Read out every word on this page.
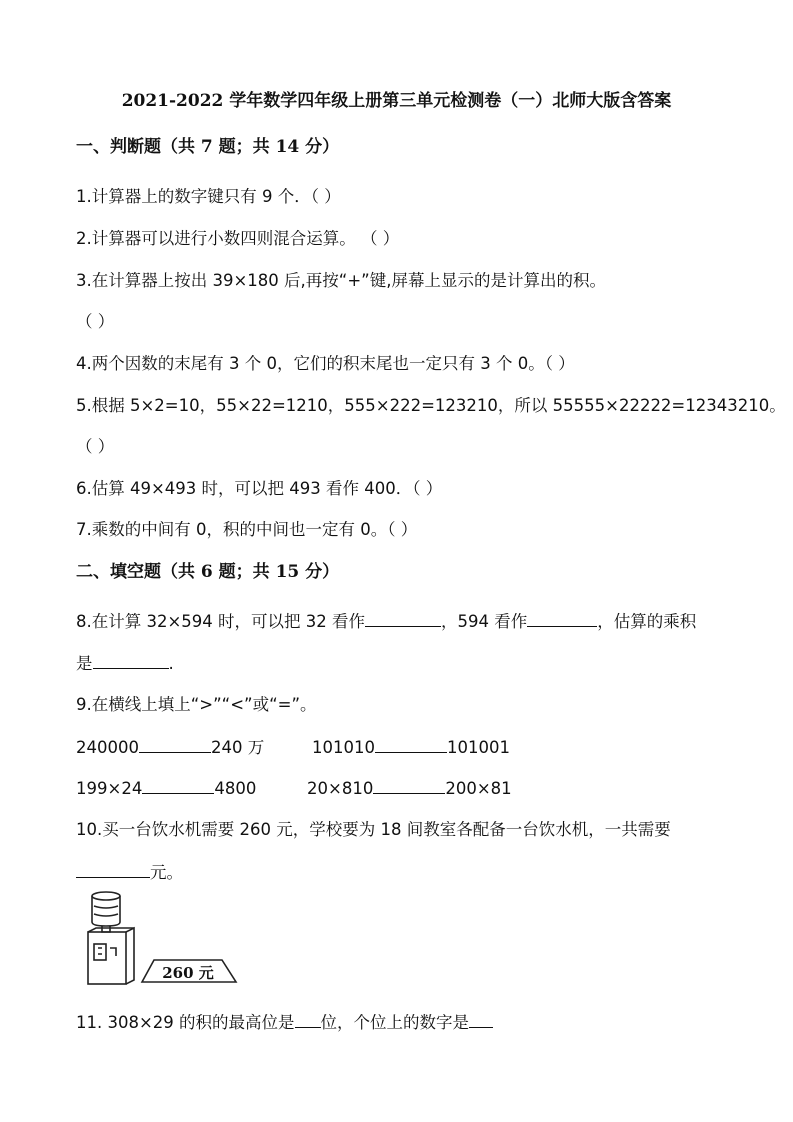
2021-2022 学年数学四年级上册第三单元检测卷（一）北师大版含答案
一、判断题（共 7 题；共 14 分）
1.计算器上的数字键只有 9 个．（ ）
2.计算器可以进行小数四则混合运算。 （ ）
3.在计算器上按出 39×180 后,再按“+”键,屏幕上显示的是计算出的积。
（ ）
4.两个因数的末尾有 3 个 0，它们的积末尾也一定只有 3 个 0。（ ）
5.根据 5×2=10，55×22=1210，555×222=123210，所以 55555×22222=12343210。
（ ）
6.估算 49×493 时，可以把 493 看作 400．（ ）
7.乘数的中间有 0，积的中间也一定有 0。（ ）
二、填空题（共 6 题；共 15 分）
8.在计算 32×594 时，可以把 32 看作	，594 看作	，估算的乘积
是	.
9.在横线上填上“>”“<”或“=”。
240000	240 万	101010	101001
199×24	4800	20×810	200×81
10.买一台饮水机需要 260 元，学校要为 18 间教室各配备一台饮水机，一共需要
元。
260 元
11. 308×29 的积的最高位是 位，个位上的数字是
